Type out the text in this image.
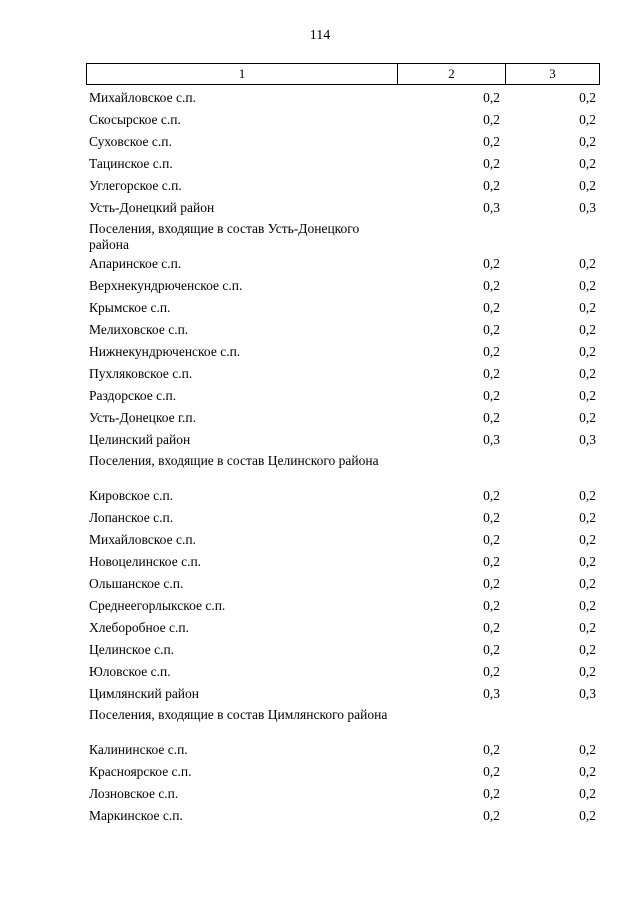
114
1	2	3
Михайловское с.п.	0,2	0,2
Скосырское с.п.	0,2	0,2
Суховское с.п.	0,2	0,2
Тацинское с.п.	0,2	0,2
Углегорское с.п.	0,2	0,2
Усть-Донецкий район	0,3	0,3
Поселения, входящие в состав Усть-Донецкого района
Апаринское с.п.	0,2	0,2
Верхнекундрюченское с.п.	0,2	0,2
Крымское с.п.	0,2	0,2
Мелиховское с.п.	0,2	0,2
Нижнекундрюченское с.п.	0,2	0,2
Пухляковское с.п.	0,2	0,2
Раздорское с.п.	0,2	0,2
Усть-Донецкое г.п.	0,2	0,2
Целинский район	0,3	0,3
Поселения, входящие в состав Целинского района
Кировское с.п.	0,2	0,2
Лопанское с.п.	0,2	0,2
Михайловское с.п.	0,2	0,2
Новоцелинское с.п.	0,2	0,2
Ольшанское с.п.	0,2	0,2
Среднеегорлыкское с.п.	0,2	0,2
Хлеборобное с.п.	0,2	0,2
Целинское с.п.	0,2	0,2
Юловское с.п.	0,2	0,2
Цимлянский район	0,3	0,3
Поселения, входящие в состав Цимлянского района
Калининское с.п.	0,2	0,2
Красноярское с.п.	0,2	0,2
Лозновское с.п.	0,2	0,2
Маркинское с.п.	0,2	0,2
